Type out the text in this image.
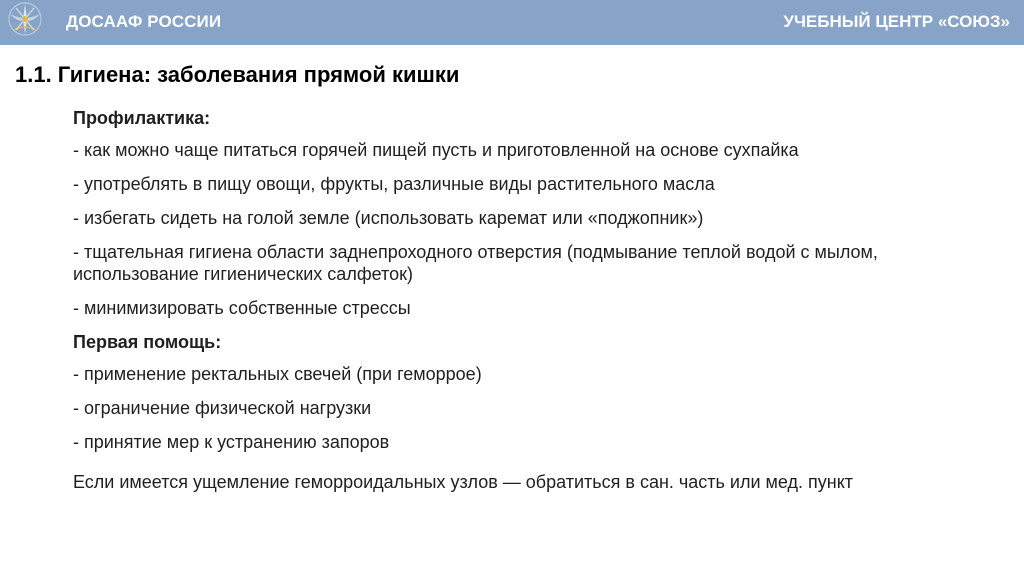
ДОСААФ РОССИИ	УЧЕБНЫЙ ЦЕНТР «СОЮЗ»
1.1. Гигиена: заболевания прямой кишки

Профилактика:

- как можно чаще питаться горячей пищей пусть и приготовленной на основе сухпайка

- употреблять в пищу овощи, фрукты, различные виды растительного масла

- избегать сидеть на голой земле (использовать каремат или «поджопник»)

- тщательная гигиена области заднепроходного отверстия (подмывание теплой водой с мылом, использование гигиенических салфеток)

- минимизировать собственные стрессы

Первая помощь:

- применение ректальных свечей (при геморрое)

- ограничение физической нагрузки

- принятие мер к устранению запоров

Если имеется ущемление геморроидальных узлов — обратиться в сан. часть или мед. пункт
